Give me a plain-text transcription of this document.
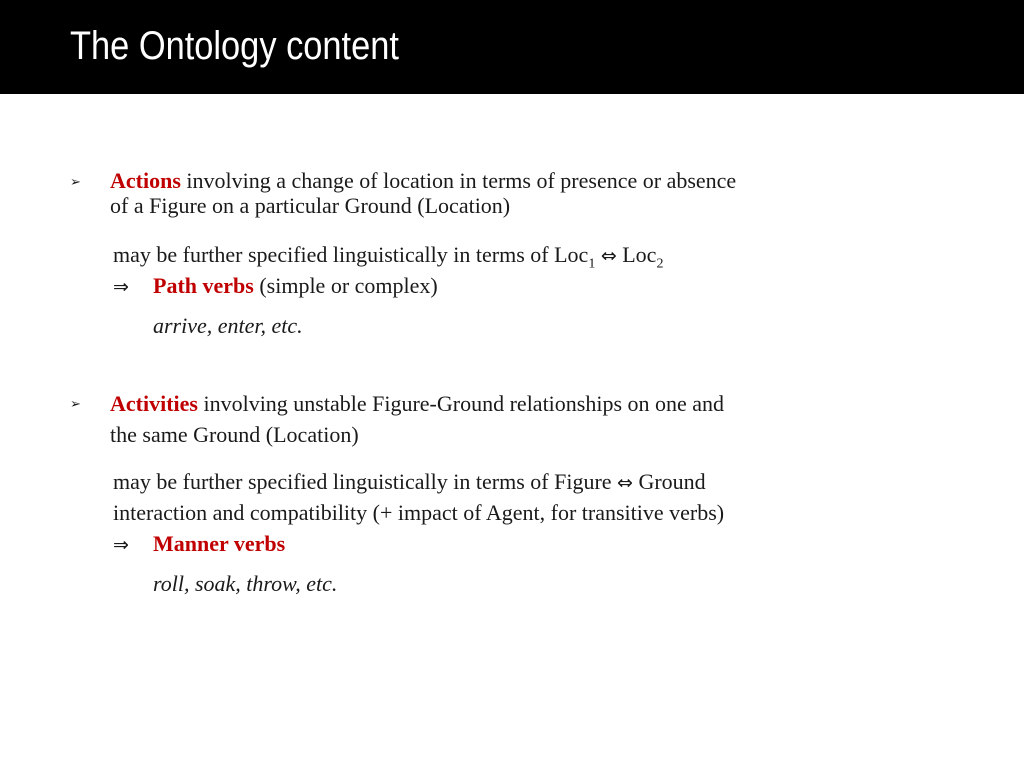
The Ontology content
➢ Actions involving a change of location in terms of presence or absence
of a Figure on a particular Ground (Location)
may be further specified linguistically in terms of Loc$_1$ ⇔ Loc$_2$
⇒ Path verbs (simple or complex)
arrive, enter, etc.
➢ Activities involving unstable Figure-Ground relationships on one and
the same Ground (Location)
may be further specified linguistically in terms of Figure ⇔ Ground
interaction and compatibility (+ impact of Agent, for transitive verbs)
⇒ Manner verbs
roll, soak, throw, etc.
